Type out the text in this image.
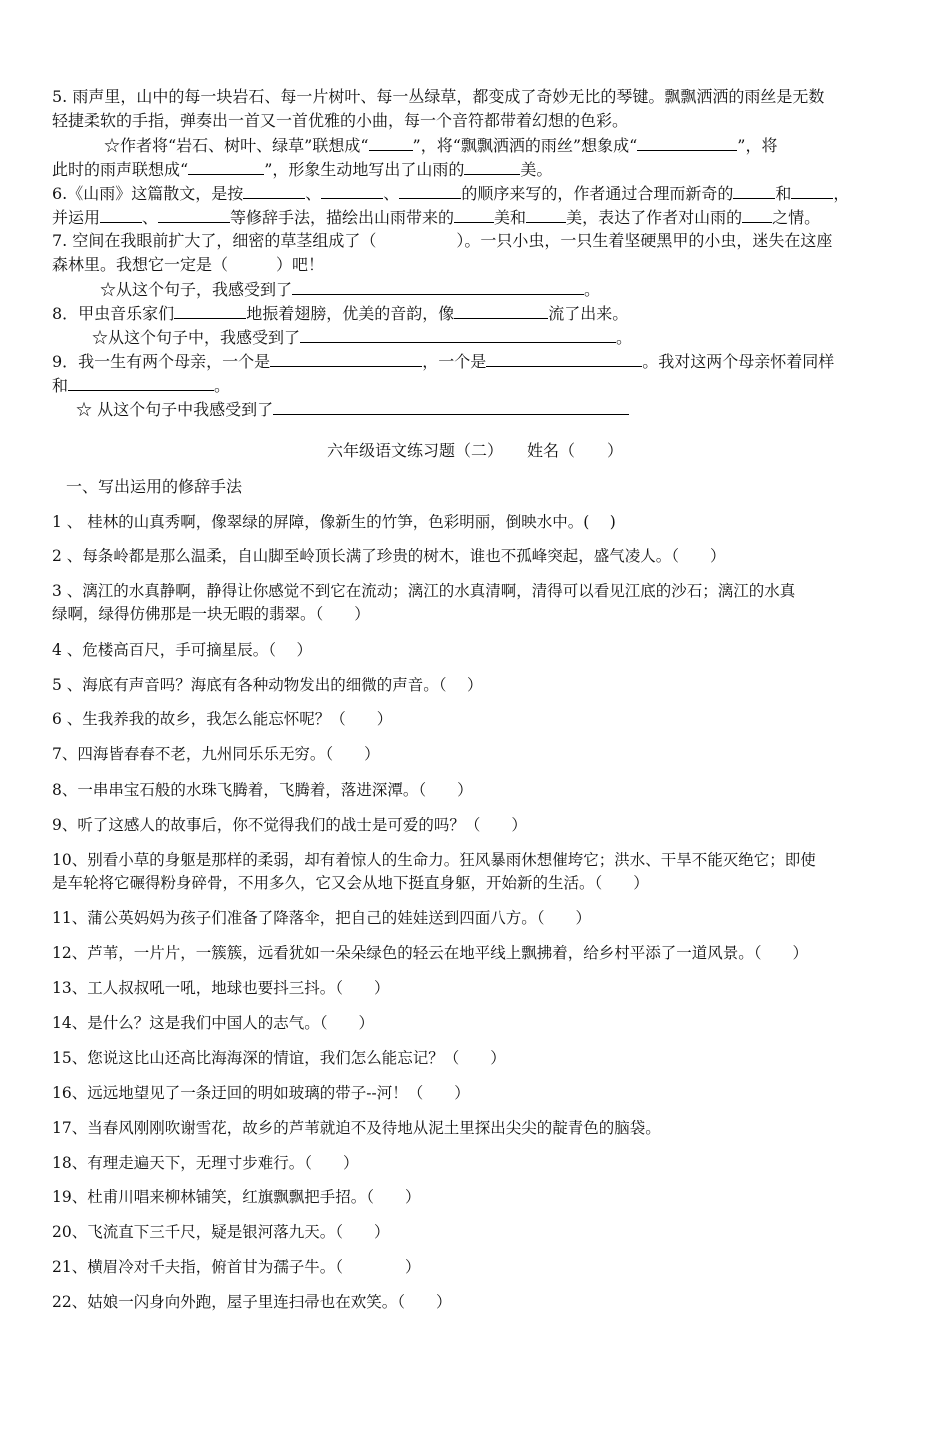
5. 雨声里，山中的每一块岩石、每一片树叶、每一丛绿草，都变成了奇妙无比的琴键。飘飘洒洒的雨丝是无数
轻捷柔软的手指，弹奏出一首又一首优雅的小曲，每一个音符都带着幻想的色彩。
☆作者将“岩石、树叶、绿草”联想成“	”，将“飘飘洒洒的雨丝”想象成“	”，将
此时的雨声联想成“	”，形象生动地写出了山雨的	美。
6.《山雨》这篇散文，是按	、	、	的顺序来写的，作者通过合理而新奇的	和	，
并运用	、	等修辞手法，描绘出山雨带来的	美和	美，表达了作者对山雨的 之情。
7. 空间在我眼前扩大了，细密的草茎组成了（　　　　　）。一只小虫，一只生着坚硬黑甲的小虫，迷失在这座
森林里。我想它一定是（　　　）吧！
☆从这个句子，我感受到了	。
8．甲虫音乐家们	地振着翅膀，优美的音韵，像	流了出来。
☆从这个句子中，我感受到了	。
9．我一生有两个母亲，一个是	，一个是	。我对这两个母亲怀着同样
和	。
☆ 从这个句子中我感受到了
六年级语文练习题（二）　　姓名（　　）
一、写出运用的修辞手法
1 、 桂林的山真秀啊，像翠绿的屏障，像新生的竹笋，色彩明丽，倒映水中。(　 )
2 、每条岭都是那么温柔，自山脚至岭顶长满了珍贵的树木，谁也不孤峰突起，盛气凌人。（　　）
3 、漓江的水真静啊，静得让你感觉不到它在流动；漓江的水真清啊，清得可以看见江底的沙石；漓江的水真
绿啊，绿得仿佛那是一块无暇的翡翠。（　　）
4 、危楼高百尺，手可摘星辰。（　 ）
5 、海底有声音吗？海底有各种动物发出的细微的声音。（　 ）
6 、生我养我的故乡，我怎么能忘怀呢？（　　）
7、四海皆春春不老，九州同乐乐无穷。（　　）
8、一串串宝石般的水珠飞腾着，飞腾着，落进深潭。（　　）
9、听了这感人的故事后，你不觉得我们的战士是可爱的吗？（　　）
10、别看小草的身躯是那样的柔弱，却有着惊人的生命力。狂风暴雨休想催垮它；洪水、干旱不能灭绝它；即使
是车轮将它碾得粉身碎骨，不用多久，它又会从地下挺直身躯，开始新的生活。（　　）
11、蒲公英妈妈为孩子们准备了降落伞，把自己的娃娃送到四面八方。（　　）
12、芦苇，一片片，一簇簇，远看犹如一朵朵绿色的轻云在地平线上飘拂着，给乡村平添了一道风景。（　　）
13、工人叔叔吼一吼，地球也要抖三抖。（　　）
14、是什么？这是我们中国人的志气。（　　）
15、您说这比山还高比海海深的情谊，我们怎么能忘记？（　　）
16、远远地望见了一条迂回的明如玻璃的带子--河！（　　）
17、当春风刚刚吹谢雪花，故乡的芦苇就迫不及待地从泥土里探出尖尖的靛青色的脑袋。
18、有理走遍天下，无理寸步难行。（　　）
19、杜甫川唱来柳林铺笑，红旗飘飘把手招。（　　）
20、飞流直下三千尺，疑是银河落九天。（　　）
21、横眉冷对千夫指，俯首甘为孺子牛。（　　　　）
22、姑娘一闪身向外跑，屋子里连扫帚也在欢笑。（　　）
